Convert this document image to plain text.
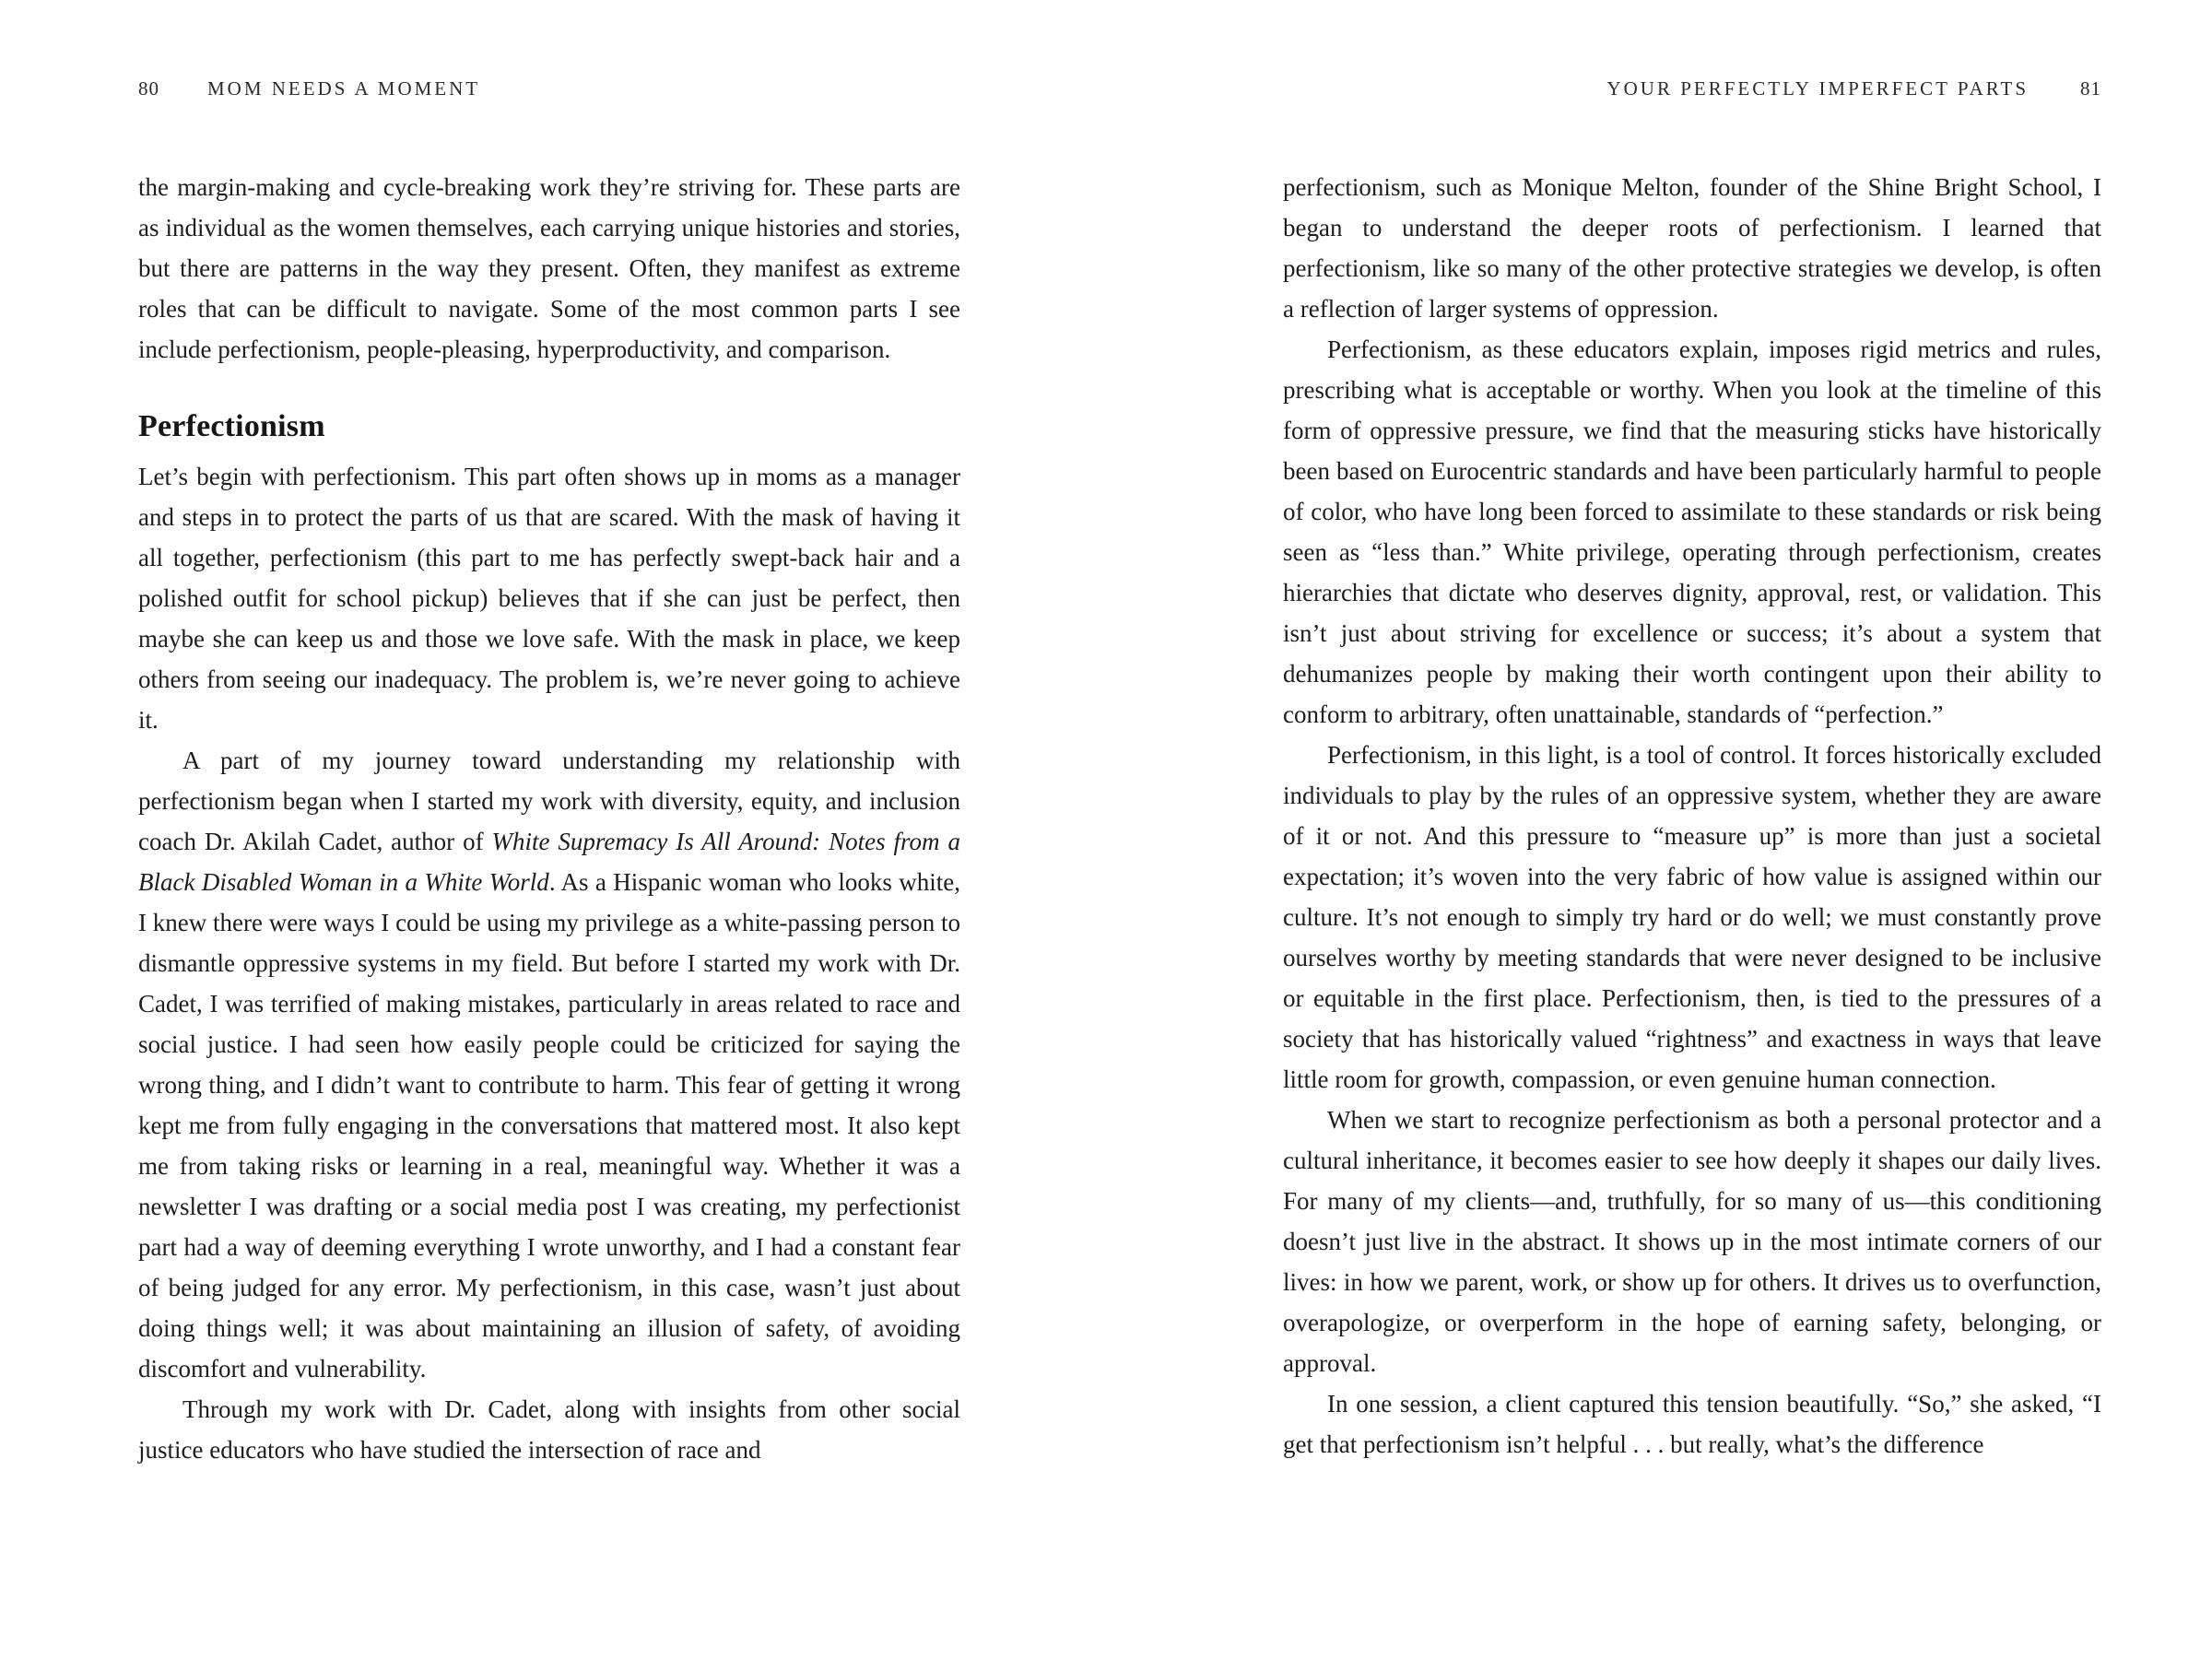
80 MOM NEEDS A MOMENT

the margin-making and cycle-breaking work they’re striving for. These parts are as individual as the women themselves, each carrying unique histories and stories, but there are patterns in the way they present. Often, they manifest as extreme roles that can be difficult to navigate. Some of the most common parts I see include perfectionism, people-pleasing, hyperproductivity, and comparison.

Perfectionism

Let’s begin with perfectionism. This part often shows up in moms as a manager and steps in to protect the parts of us that are scared. With the mask of having it all together, perfectionism (this part to me has perfectly swept-back hair and a polished outfit for school pickup) believes that if she can just be perfect, then maybe she can keep us and those we love safe. With the mask in place, we keep others from seeing our inadequacy. The problem is, we’re never going to achieve it.

A part of my journey toward understanding my relationship with perfectionism began when I started my work with diversity, equity, and inclusion coach Dr. Akilah Cadet, author of White Supremacy Is All Around: Notes from a Black Disabled Woman in a White World. As a Hispanic woman who looks white, I knew there were ways I could be using my privilege as a white-passing person to dismantle oppressive systems in my field. But before I started my work with Dr. Cadet, I was terrified of making mistakes, particularly in areas related to race and social justice. I had seen how easily people could be criticized for saying the wrong thing, and I didn’t want to contribute to harm. This fear of getting it wrong kept me from fully engaging in the conversations that mattered most. It also kept me from taking risks or learning in a real, meaningful way. Whether it was a newsletter I was drafting or a social media post I was creating, my perfectionist part had a way of deeming everything I wrote unworthy, and I had a constant fear of being judged for any error. My perfectionism, in this case, wasn’t just about doing things well; it was about maintaining an illusion of safety, of avoiding discomfort and vulnerability.

Through my work with Dr. Cadet, along with insights from other social justice educators who have studied the intersection of race and

YOUR PERFECTLY IMPERFECT PARTS	81

perfectionism, such as Monique Melton, founder of the Shine Bright School, I began to understand the deeper roots of perfectionism. I learned that perfectionism, like so many of the other protective strategies we develop, is often a reflection of larger systems of oppression.

Perfectionism, as these educators explain, imposes rigid metrics and rules, prescribing what is acceptable or worthy. When you look at the timeline of this form of oppressive pressure, we find that the measuring sticks have historically been based on Eurocentric standards and have been particularly harmful to people of color, who have long been forced to assimilate to these standards or risk being seen as “less than.” White privilege, operating through perfectionism, creates hierarchies that dictate who deserves dignity, approval, rest, or validation. This isn’t just about striving for excellence or success; it’s about a system that dehumanizes people by making their worth contingent upon their ability to conform to arbitrary, often unattainable, standards of “perfection.”

Perfectionism, in this light, is a tool of control. It forces historically excluded individuals to play by the rules of an oppressive system, whether they are aware of it or not. And this pressure to “measure up” is more than just a societal expectation; it’s woven into the very fabric of how value is assigned within our culture. It’s not enough to simply try hard or do well; we must constantly prove ourselves worthy by meeting standards that were never designed to be inclusive or equitable in the first place. Perfectionism, then, is tied to the pressures of a society that has historically valued “rightness” and exactness in ways that leave little room for growth, compassion, or even genuine human connection.

When we start to recognize perfectionism as both a personal protector and a cultural inheritance, it becomes easier to see how deeply it shapes our daily lives. For many of my clients—and, truthfully, for so many of us—this conditioning doesn’t just live in the abstract. It shows up in the most intimate corners of our lives: in how we parent, work, or show up for others. It drives us to overfunction, overapologize, or overperform in the hope of earning safety, belonging, or approval.

In one session, a client captured this tension beautifully. “So,” she asked, “I get that perfectionism isn’t helpful . . . but really, what’s the difference
